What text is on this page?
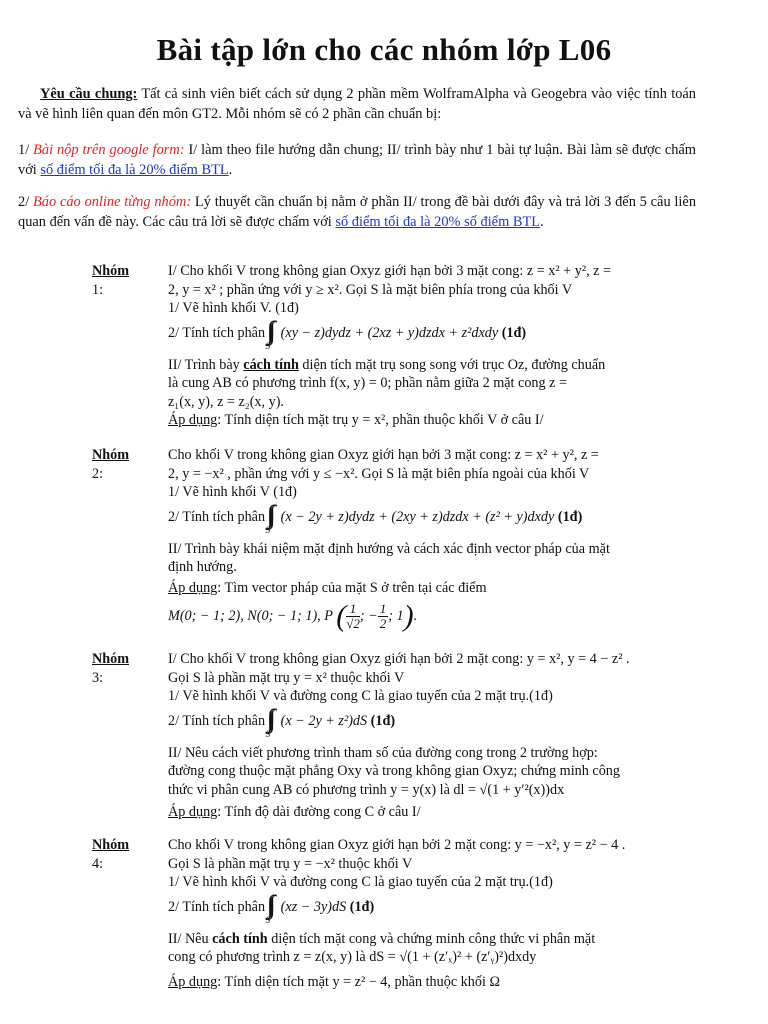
Bài tập lớn cho các nhóm lớp L06
Yêu cầu chung: Tất cả sinh viên biết cách sử dụng 2 phần mềm WolframAlpha và Geogebra vào việc tính toán và vẽ hình liên quan đến môn GT2. Mỗi nhóm sẽ có 2 phần cần chuẩn bị:
1/ Bài nộp trên google form: I/ làm theo file hướng dẫn chung; II/ trình bày như 1 bài tự luận. Bài làm sẽ được chấm với số điểm tối đa là 20% điểm BTL.
2/ Báo cáo online từng nhóm: Lý thuyết cần chuẩn bị nằm ở phần II/ trong đề bài dưới đây và trả lời 3 đến 5 câu liên quan đến vấn đề này. Các câu trả lời sẽ được chấm với số điểm tối đa là 20% số điểm BTL.
Nhóm 1:
I/ Cho khối V trong không gian Oxyz giới hạn bởi 3 mặt cong: z = x² + y², z =
2, y = x² ; phần ứng với y ≥ x². Gọi S là mặt biên phía trong của khối V
1/ Vẽ hình khối V. (1đ)
2/ Tính tích phân S (xy − z)dydz + (2xz + y)dzdx + z²dxdy (1đ)
II/ Trình bày cách tính diện tích mặt trụ song song với trục Oz, đường chuẩn
là cung AB có phương trình f(x, y) = 0; phần nằm giữa 2 mặt cong z =
z₁(x, y), z = z₂(x, y).
Áp dụng: Tính diện tích mặt trụ y = x², phần thuộc khối V ở câu I/
Nhóm 2:
Cho khối V trong không gian Oxyz giới hạn bởi 3 mặt cong: z = x² + y², z =
2, y = −x² , phần ứng với y ≤ −x². Gọi S là mặt biên phía ngoài của khối V
1/ Vẽ hình khối V (1đ)
2/ Tính tích phân S (x − 2y + z)dydz + (2xy + z)dzdx + (z² + y)dxdy (1đ)
II/ Trình bày khái niệm mặt định hướng và cách xác định vector pháp của mặt
định hướng.
Áp dụng: Tìm vector pháp của mặt S ở trên tại các điểm
M(0; − 1; 2), N(0; − 1; 1), P ( $\frac{1}{√2}$ ; − $\frac{1}{2}$ ; 1).
Nhóm 3:
I/ Cho khối V trong không gian Oxyz giới hạn bởi 2 mặt cong: y = x², y = 4 − z² .
Gọi S là phần mặt trụ y = x² thuộc khối V
1/ Vẽ hình khối V và đường cong C là giao tuyến của 2 mặt trụ.(1đ)
2/ Tính tích phân S (x − 2y + z²)dS (1đ)
II/ Nêu cách viết phương trình tham số của đường cong trong 2 trường hợp:
đường cong thuộc mặt phẳng Oxy và trong không gian Oxyz; chứng minh công
thức vi phân cung AB có phương trình y = y(x) là dl = √(1 + y′²(x))dx
Áp dụng: Tính độ dài đường cong C ở câu I/
Nhóm 4:
Cho khối V trong không gian Oxyz giới hạn bởi 2 mặt cong: y = −x², y = z² − 4 .
Gọi S là phần mặt trụ y = −x² thuộc khối V
1/ Vẽ hình khối V và đường cong C là giao tuyến của 2 mặt trụ.(1đ)
2/ Tính tích phân S (xz − 3y)dS (1đ)
II/ Nêu cách tính diện tích mặt cong và chứng minh công thức vi phân mặt
cong có phương trình z = z(x, y) là dS = √(1 + (z′ₓ)² + (z′ᵧ)²)dxdy
Áp dụng: Tính diện tích mặt y = z² − 4, phần thuộc khối Ω
